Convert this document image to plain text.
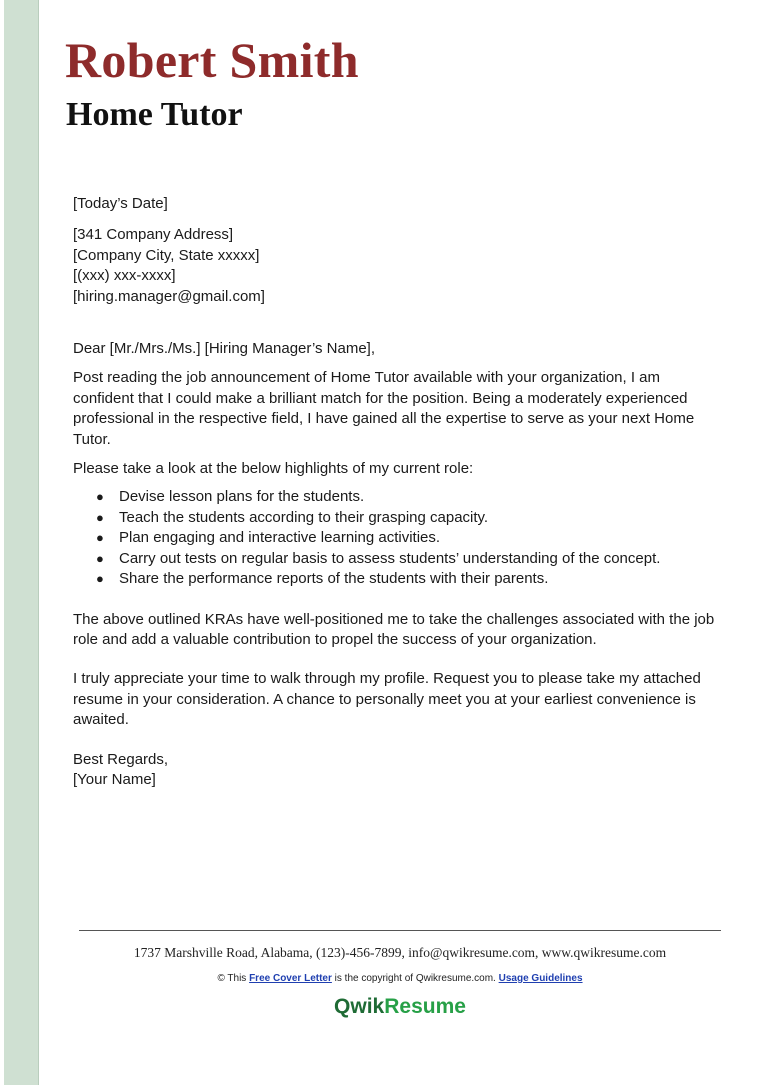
Robert Smith
Home Tutor

[Today’s Date]

[341 Company Address]
[Company City, State xxxxx]
[(xxx) xxx-xxxx]
[hiring.manager@gmail.com]

Dear [Mr./Mrs./Ms.] [Hiring Manager’s Name],

Post reading the job announcement of Home Tutor available with your organization, I am confident that I could make a brilliant match for the position. Being a moderately experienced professional in the respective field, I have gained all the expertise to serve as your next Home Tutor.

Please take a look at the below highlights of my current role:

● Devise lesson plans for the students.
● Teach the students according to their grasping capacity.
● Plan engaging and interactive learning activities.
● Carry out tests on regular basis to assess students’ understanding of the concept.
● Share the performance reports of the students with their parents.

The above outlined KRAs have well-positioned me to take the challenges associated with the job role and add a valuable contribution to propel the success of your organization.

I truly appreciate your time to walk through my profile. Request you to please take my attached resume in your consideration. A chance to personally meet you at your earliest convenience is awaited.

Best Regards,

[Your Name]

1737 Marshville Road, Alabama, (123)-456-7899, info@qwikresume.com, www.qwikresume.com
© This Free Cover Letter is the copyright of Qwikresume.com. Usage Guidelines
QwikResume
